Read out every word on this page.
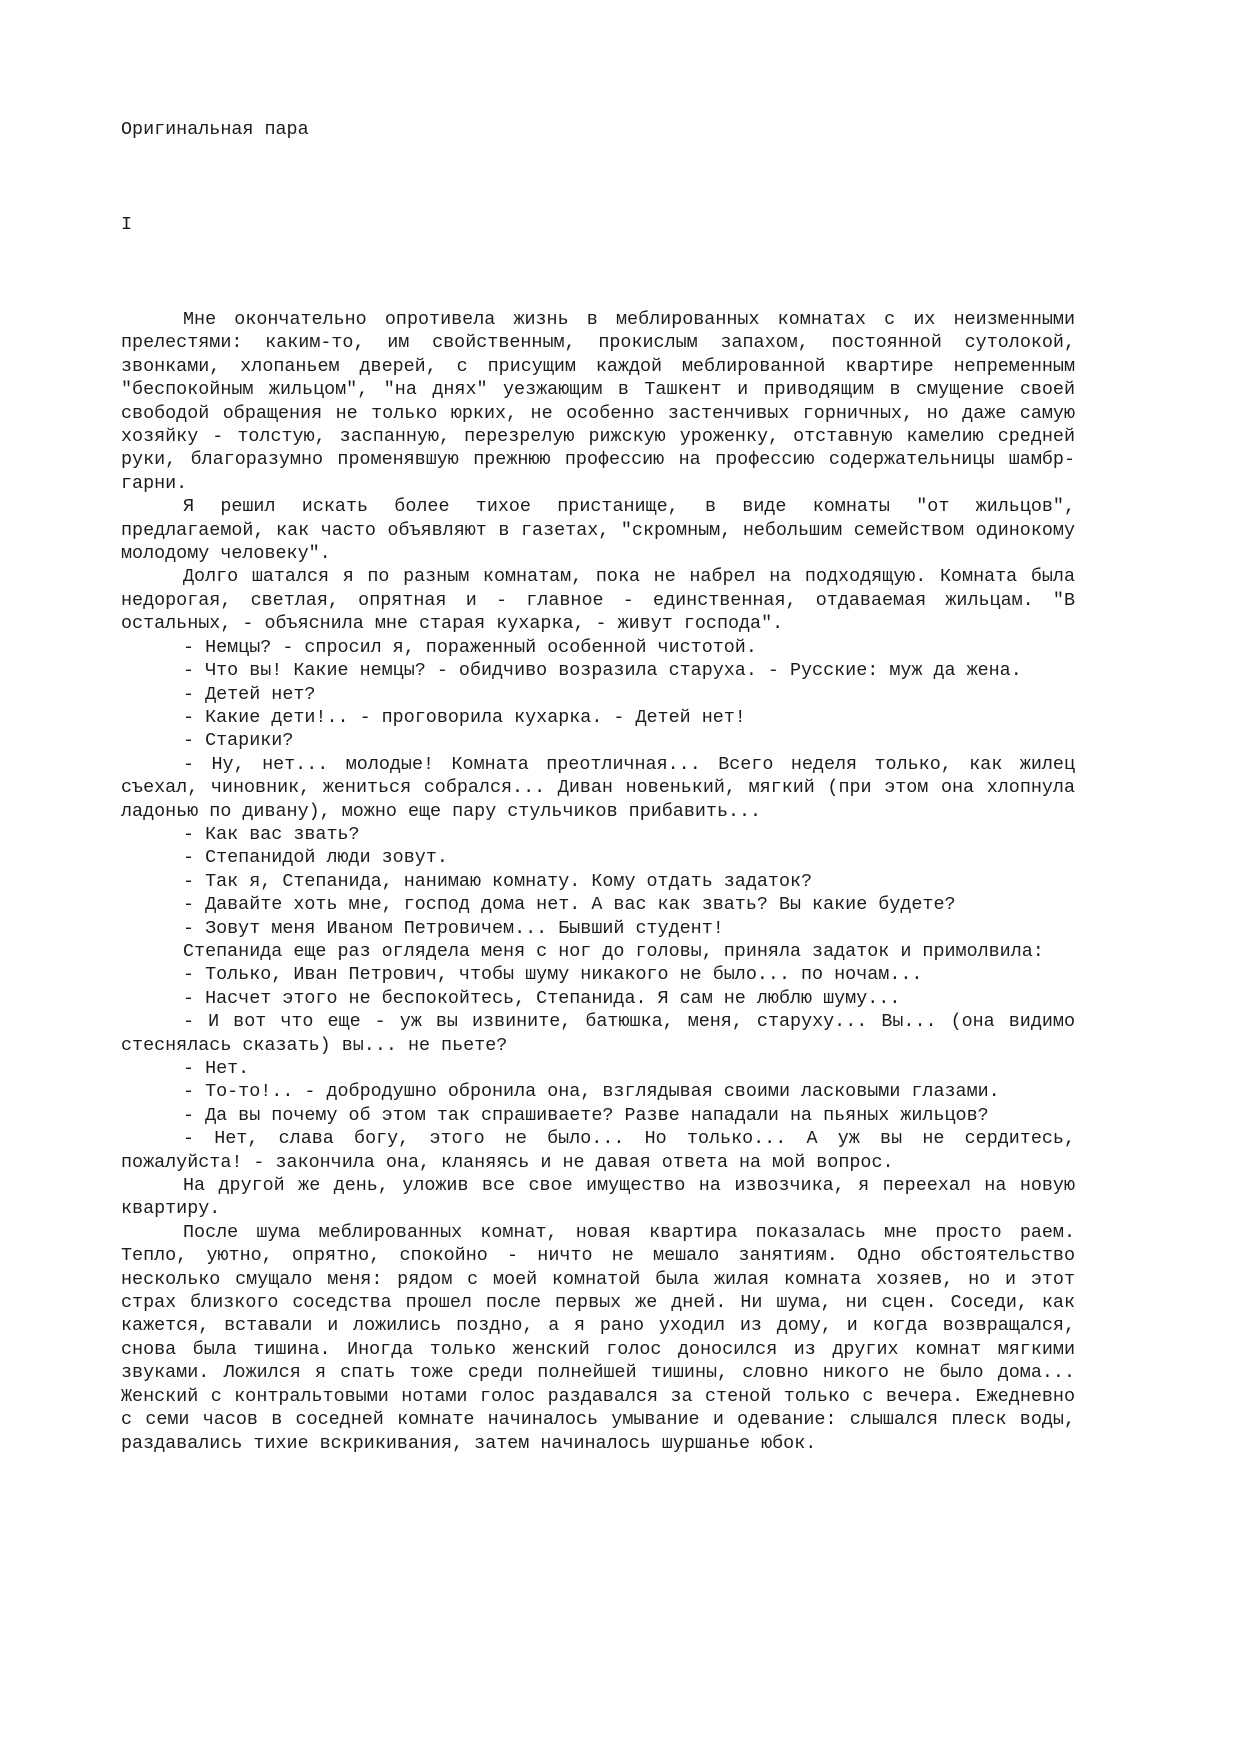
Оригинальная пара
I

Мне окончательно опротивела жизнь в меблированных комнатах с их неизменными прелестями: каким-то, им свойственным, прокислым запахом, постоянной сутолокой, звонками, хлопаньем дверей, с присущим каждой меблированной квартире непременным "беспокойным жильцом", "на днях" уезжающим в Ташкент и приводящим в смущение своей свободой обращения не только юрких, не особенно застенчивых горничных, но даже самую хозяйку - толстую, заспанную, перезрелую рижскую уроженку, отставную камелию средней руки, благоразумно променявшую прежнюю профессию на профессию содержательницы шамбр-гарни.

Я решил искать более тихое пристанище, в виде комнаты "от жильцов", предлагаемой, как часто объявляют в газетах, "скромным, небольшим семейством одинокому молодому человеку".

Долго шатался я по разным комнатам, пока не набрел на подходящую. Комната была недорогая, светлая, опрятная и - главное - единственная, отдаваемая жильцам. "В остальных, - объяснила мне старая кухарка, - живут господа".

- Немцы? - спросил я, пораженный особенной чистотой.

- Что вы! Какие немцы? - обидчиво возразила старуха. - Русские: муж да жена.

- Детей нет?

- Какие дети!.. - проговорила кухарка. - Детей нет!

- Старики?

- Ну, нет... молодые! Комната преотличная... Всего неделя только, как жилец съехал, чиновник, жениться собрался... Диван новенький, мягкий (при этом она хлопнула ладонью по дивану), можно еще пару стульчиков прибавить...

- Как вас звать?

- Степанидой люди зовут.

- Так я, Степанида, нанимаю комнату. Кому отдать задаток?

- Давайте хоть мне, господ дома нет. А вас как звать? Вы какие будете?

- Зовут меня Иваном Петровичем... Бывший студент!

Степанида еще раз оглядела меня с ног до головы, приняла задаток и примолвила:

- Только, Иван Петрович, чтобы шуму никакого не было... по ночам...

- Насчет этого не беспокойтесь, Степанида. Я сам не люблю шуму...

- И вот что еще - уж вы извините, батюшка, меня, старуху... Вы... (она видимо стеснялась сказать) вы... не пьете?

- Нет.

- То-то!.. - добродушно обронила она, взглядывая своими ласковыми глазами.

- Да вы почему об этом так спрашиваете? Разве нападали на пьяных жильцов?

- Нет, слава богу, этого не было... Но только... А уж вы не сердитесь, пожалуйста! - закончила она, кланяясь и не давая ответа на мой вопрос.

На другой же день, уложив все свое имущество на извозчика, я переехал на новую квартиру.

После шума меблированных комнат, новая квартира показалась мне просто раем. Тепло, уютно, опрятно, спокойно - ничто не мешало занятиям. Одно обстоятельство несколько смущало меня: рядом с моей комнатой была жилая комната хозяев, но и этот страх близкого соседства прошел после первых же дней. Ни шума, ни сцен. Соседи, как кажется, вставали и ложились поздно, а я рано уходил из дому, и когда возвращался, снова была тишина. Иногда только женский голос доносился из других комнат мягкими звуками. Ложился я спать тоже среди полнейшей тишины, словно никого не было дома... Женский с контральтовыми нотами голос раздавался за стеной только с вечера. Ежедневно с семи часов в соседней комнате начиналось умывание и одевание: слышался плеск воды, раздавались тихие вскрикивания, затем начиналось шуршанье юбок.
